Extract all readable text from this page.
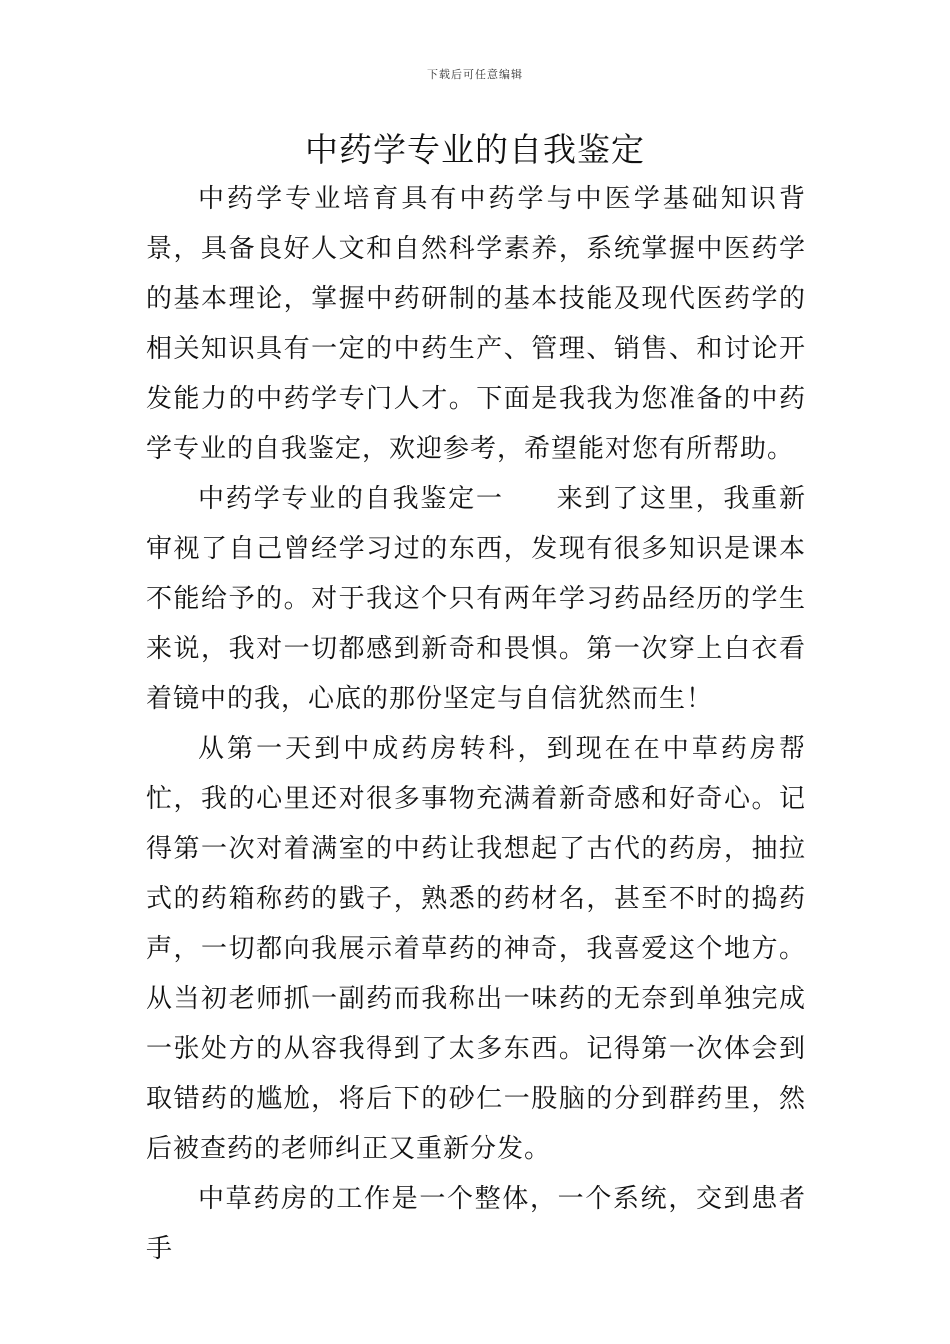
下载后可任意编辑
中药学专业的自我鉴定

中药学专业培育具有中药学与中医学基础知识背景，具备良好人文和自然科学素养，系统掌握中医药学的基本理论，掌握中药研制的基本技能及现代医药学的相关知识具有一定的中药生产、管理、销售、和讨论开发能力的中药学专门人才。下面是我我为您准备的中药学专业的自我鉴定，欢迎参考，希望能对您有所帮助。

中药学专业的自我鉴定一 来到了这里，我重新审视了自己曾经学习过的东西，发现有很多知识是课本不能给予的。对于我这个只有两年学习药品经历的学生来说，我对一切都感到新奇和畏惧。第一次穿上白衣看着镜中的我，心底的那份坚定与自信犹然而生！

从第一天到中成药房转科，到现在在中草药房帮忙，我的心里还对很多事物充满着新奇感和好奇心。记得第一次对着满室的中药让我想起了古代的药房，抽拉式的药箱称药的戥子，熟悉的药材名，甚至不时的捣药声，一切都向我展示着草药的神奇，我喜爱这个地方。从当初老师抓一副药而我称出一味药的无奈到单独完成一张处方的从容我得到了太多东西。记得第一次体会到取错药的尴尬，将后下的砂仁一股脑的分到群药里，然后被查药的老师纠正又重新分发。

中草药房的工作是一个整体，一个系统，交到患者手
